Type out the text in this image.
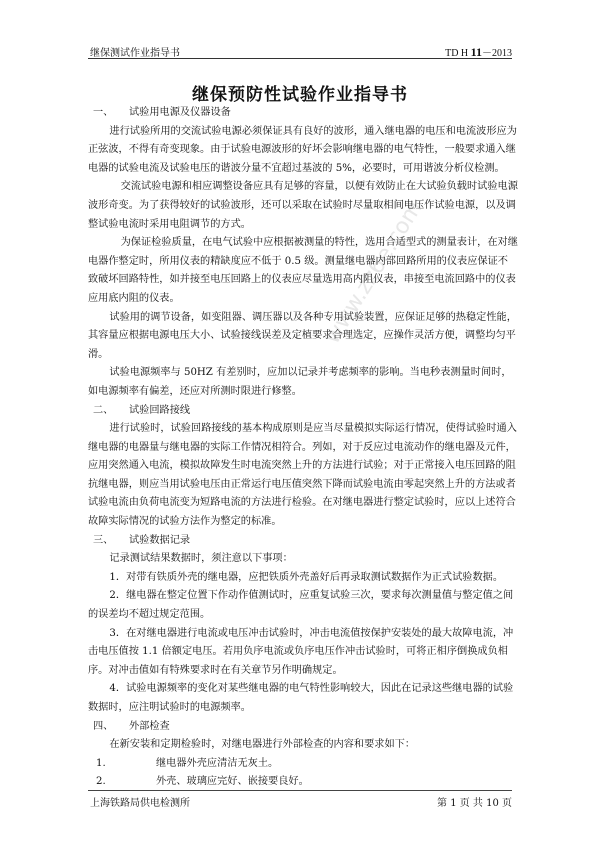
继保测试作业指导书	TD H 11－2013
继保预防性试验作业指导书
www.zz6e.com

一、 试验用电源及仪器设备

进行试验所用的交流试验电源必须保证具有良好的波形，通入继电器的电压和电流波形应为正弦波，不得有奇变现象。由于试验电源波形的好坏会影响继电器的电气特性，一般要求通入继电器的试验电流及试验电压的谐波分量不宜超过基波的 5%，必要时，可用谐波分析仪检测。

交流试验电源和相应调整设备应具有足够的容量，以便有效防止在大试验负载时试验电源波形奇变。为了获得较好的试验波形，还可以采取在试验时尽量取相间电压作试验电源，以及调整试验电流时采用电阻调节的方式。

为保证检验质量，在电气试验中应根据被测量的特性，选用合适型式的测量表计，在对继电器作整定时，所用仪表的精缺度应不低于 0.5 级。测量继电器内部回路所用的仪表应保证不致破坏回路特性，如并接至电压回路上的仪表应尽量选用高内阻仪表，串接至电流回路中的仪表应用底内阻的仪表。

试验用的调节设备，如变阻器、调压器以及各种专用试验装置，应保证足够的热稳定性能，其容量应根据电源电压大小、试验接线误差及定植要求合理选定，应操作灵活方便，调整均匀平滑。

试验电源频率与 50HZ 有差别时，应加以记录并考虑频率的影响。当电秒表测量时间时，如电源频率有偏差，还应对所测时限进行修整。

二、 试验回路接线

进行试验时，试验回路接线的基本构成原则是应当尽量模拟实际运行情况，使得试验时通入继电器的电器量与继电器的实际工作情况相符合。列如，对于反应过电流动作的继电器及元件，应用突然通入电流，模拟故障发生时电流突然上升的方法进行试验；对于正常接入电压回路的阻抗继电器，则应当用试验电压由正常运行电压值突然下降而试验电流由零起突然上升的方法或者试验电流由负荷电流变为短路电流的方法进行检验。在对继电器进行整定试验时，应以上述符合故障实际情况的试验方法作为整定的标准。

三、 试验数据记录

记录测试结果数据时，须注意以下事项：

1．对带有铁质外壳的继电器，应把铁质外壳盖好后再录取测试数据作为正式试验数据。

2．继电器在整定位置下作动作值测试时，应重复试验三次，要求每次测量值与整定值之间的误差均不超过规定范围。

3．在对继电器进行电流或电压冲击试验时，冲击电流值按保护安装处的最大故障电流，冲击电压值按 1.1 倍额定电压。若用负序电流或负序电压作冲击试验时，可将正相序倒换成负相序。对冲击值如有特殊要求时在有关章节另作明确规定。

4．试验电源频率的变化对某些继电器的电气特性影响较大，因此在记录这些继电器的试验数据时，应注明试验时的电源频率。

四、 外部检查

在新安装和定期检验时，对继电器进行外部检查的内容和要求如下：

1.	继电器外壳应清洁无灰土。

2.	外壳、玻璃应完好、嵌接要良好。

上海铁路局供电检测所	第 1 页 共 10 页
